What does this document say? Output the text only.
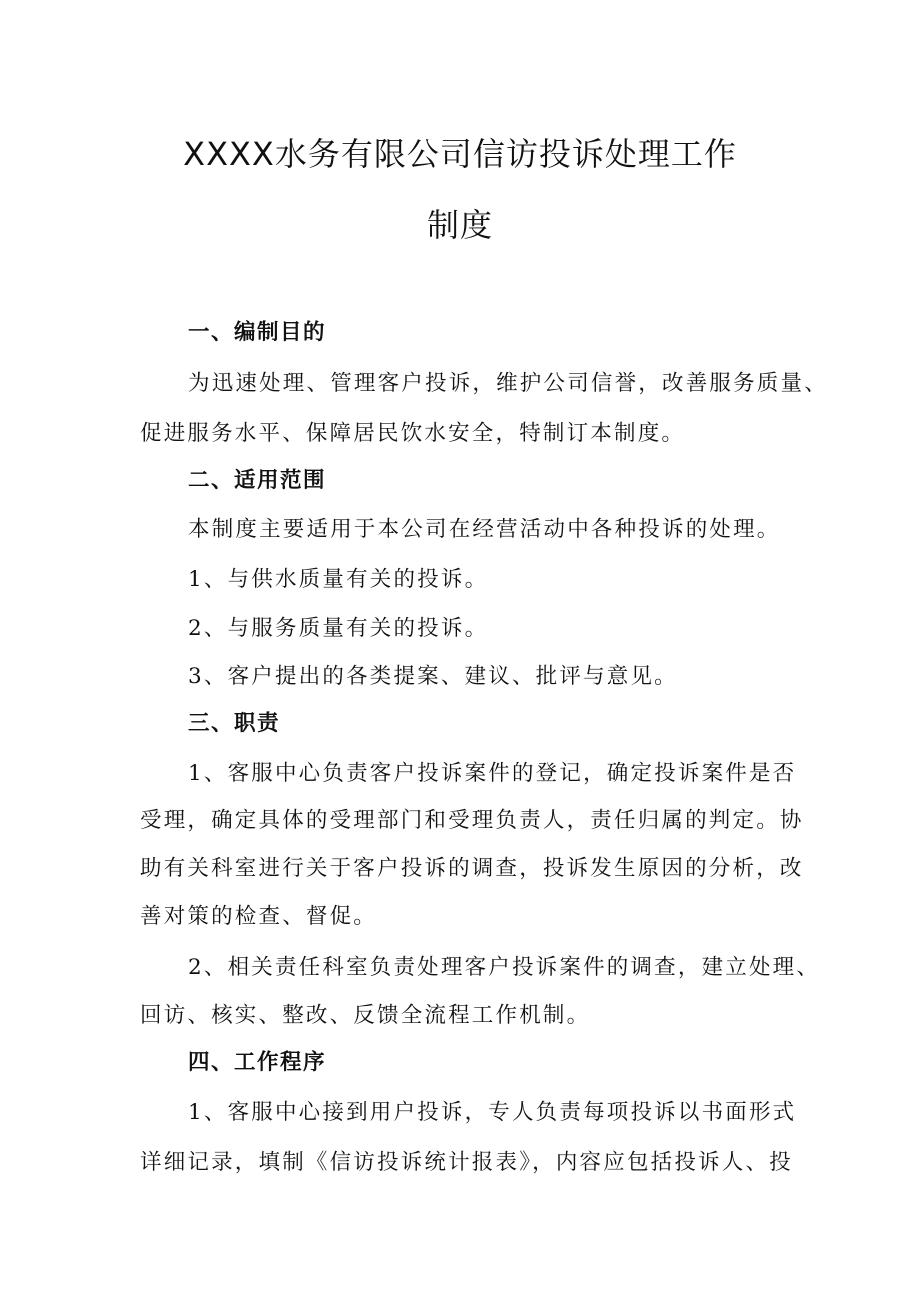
XXXX水务有限公司信访投诉处理工作
制度
一、编制目的
为迅速处理、管理客户投诉，维护公司信誉，改善服务质量、
促进服务水平、保障居民饮水安全，特制订本制度。
二、适用范围
本制度主要适用于本公司在经营活动中各种投诉的处理。
1、与供水质量有关的投诉。
2、与服务质量有关的投诉。
3、客户提出的各类提案、建议、批评与意见。
三、职责
1、客服中心负责客户投诉案件的登记，确定投诉案件是否
受理，确定具体的受理部门和受理负责人，责任归属的判定。协
助有关科室进行关于客户投诉的调查，投诉发生原因的分析，改
善对策的检查、督促。
2、相关责任科室负责处理客户投诉案件的调查，建立处理、
回访、核实、整改、反馈全流程工作机制。
四、工作程序
1、客服中心接到用户投诉，专人负责每项投诉以书面形式
详细记录，填制《信访投诉统计报表》，内容应包括投诉人、投
